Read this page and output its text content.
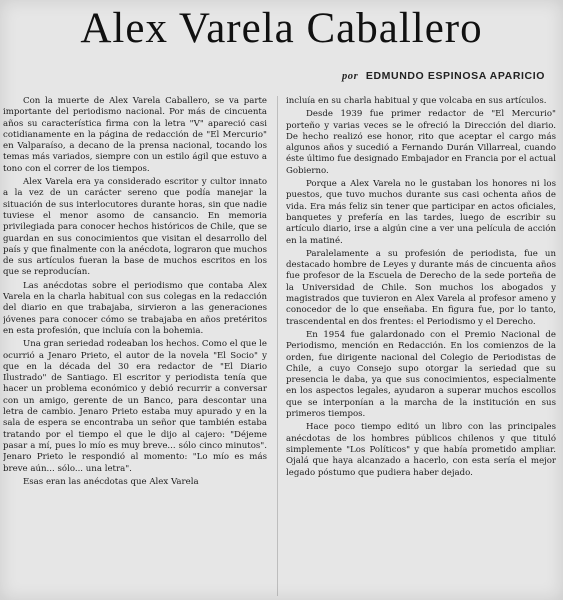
Alex Varela Caballero
por EDMUNDO ESPINOSA APARICIO

Con la muerte de Alex Varela Caballero, se va parte importante del periodismo nacional. Por más de cincuenta años su característica firma con la letra "V" apareció casi cotidianamente en la página de redacción de "El Mercurio" en Valparaíso, a decano de la prensa nacional, tocando los temas más variados, siempre con un estilo ágil que estuvo a tono con el correr de los tiempos.

Alex Varela era ya considerado escritor y cultor innato a la vez de un carácter sereno que podía manejar la situación de sus interlocutores durante horas, sin que nadie tuviese el menor asomo de cansancio. En memoria privilegiada para conocer hechos históricos de Chile, que se guardan en sus conocimientos que visitan el desarrollo del país y que finalmente con la anécdota, lograron que muchos de sus artículos fueran la base de muchos escritos en los que se reproducían.

Las anécdotas sobre el periodismo que contaba Alex Varela en la charla habitual con sus colegas en la redacción del diario en que trabajaba, sirvieron a las generaciones jóvenes para conocer cómo se trabajaba en años pretéritos en esta profesión, que incluía con la bohemia.

Una gran seriedad rodeaban los hechos. Como el que le ocurrió a Jenaro Prieto, el autor de la novela "El Socio" y que en la década del 30 era redactor de "El Diario Ilustrado" de Santiago. El escritor y periodista tenía que hacer un problema económico y debió recurrir a conversar con un amigo, gerente de un Banco, para descontar una letra de cambio. Jenaro Prieto estaba muy apurado y en la sala de espera se encontraba un señor que también estaba tratando por el tiempo el que le dijo al cajero: "Déjeme pasar a mí, pues lo mío es muy breve... sólo cinco minutos". Jenaro Prieto le respondió al momento: "Lo mío es más breve aún... sólo... una letra".

Esas eran las anécdotas que Alex Varela

incluía en su charla habitual y que volcaba en sus artículos.

Desde 1939 fue primer redactor de "El Mercurio" porteño y varias veces se le ofreció la Dirección del diario. De hecho realizó ese honor, rito que aceptar el cargo más algunos años y sucedió a Fernando Durán Villarreal, cuando éste último fue designado Embajador en Francia por el actual Gobierno.

Porque a Alex Varela no le gustaban los honores ni los puestos, que tuvo muchos durante sus casi ochenta años de vida. Era más feliz sin tener que participar en actos oficiales, banquetes y prefería en las tardes, luego de escribir su artículo diario, irse a algún cine a ver una película de acción en la matiné.

Paralelamente a su profesión de periodista, fue un destacado hombre de Leyes y durante más de cincuenta años fue profesor de la Escuela de Derecho de la sede porteña de la Universidad de Chile. Son muchos los abogados y magistrados que tuvieron en Alex Varela al profesor ameno y conocedor de lo que enseñaba. En figura fue, por lo tanto, trascendental en dos frentes: el Periodismo y el Derecho.

En 1954 fue galardonado con el Premio Nacional de Periodismo, mención en Redacción. En los comienzos de la orden, fue dirigente nacional del Colegio de Periodistas de Chile, a cuyo Consejo supo otorgar la seriedad que su presencia le daba, ya que sus conocimientos, especialmente en los aspectos legales, ayudaron a superar muchos escollos que se interponían a la marcha de la institución en sus primeros tiempos.

Hace poco tiempo editó un libro con las principales anécdotas de los hombres públicos chilenos y que tituló simplemente "Los Políticos" y que había prometido ampliar. Ojalá que haya alcanzado a hacerlo, con esta sería el mejor legado póstumo que pudiera haber dejado.
